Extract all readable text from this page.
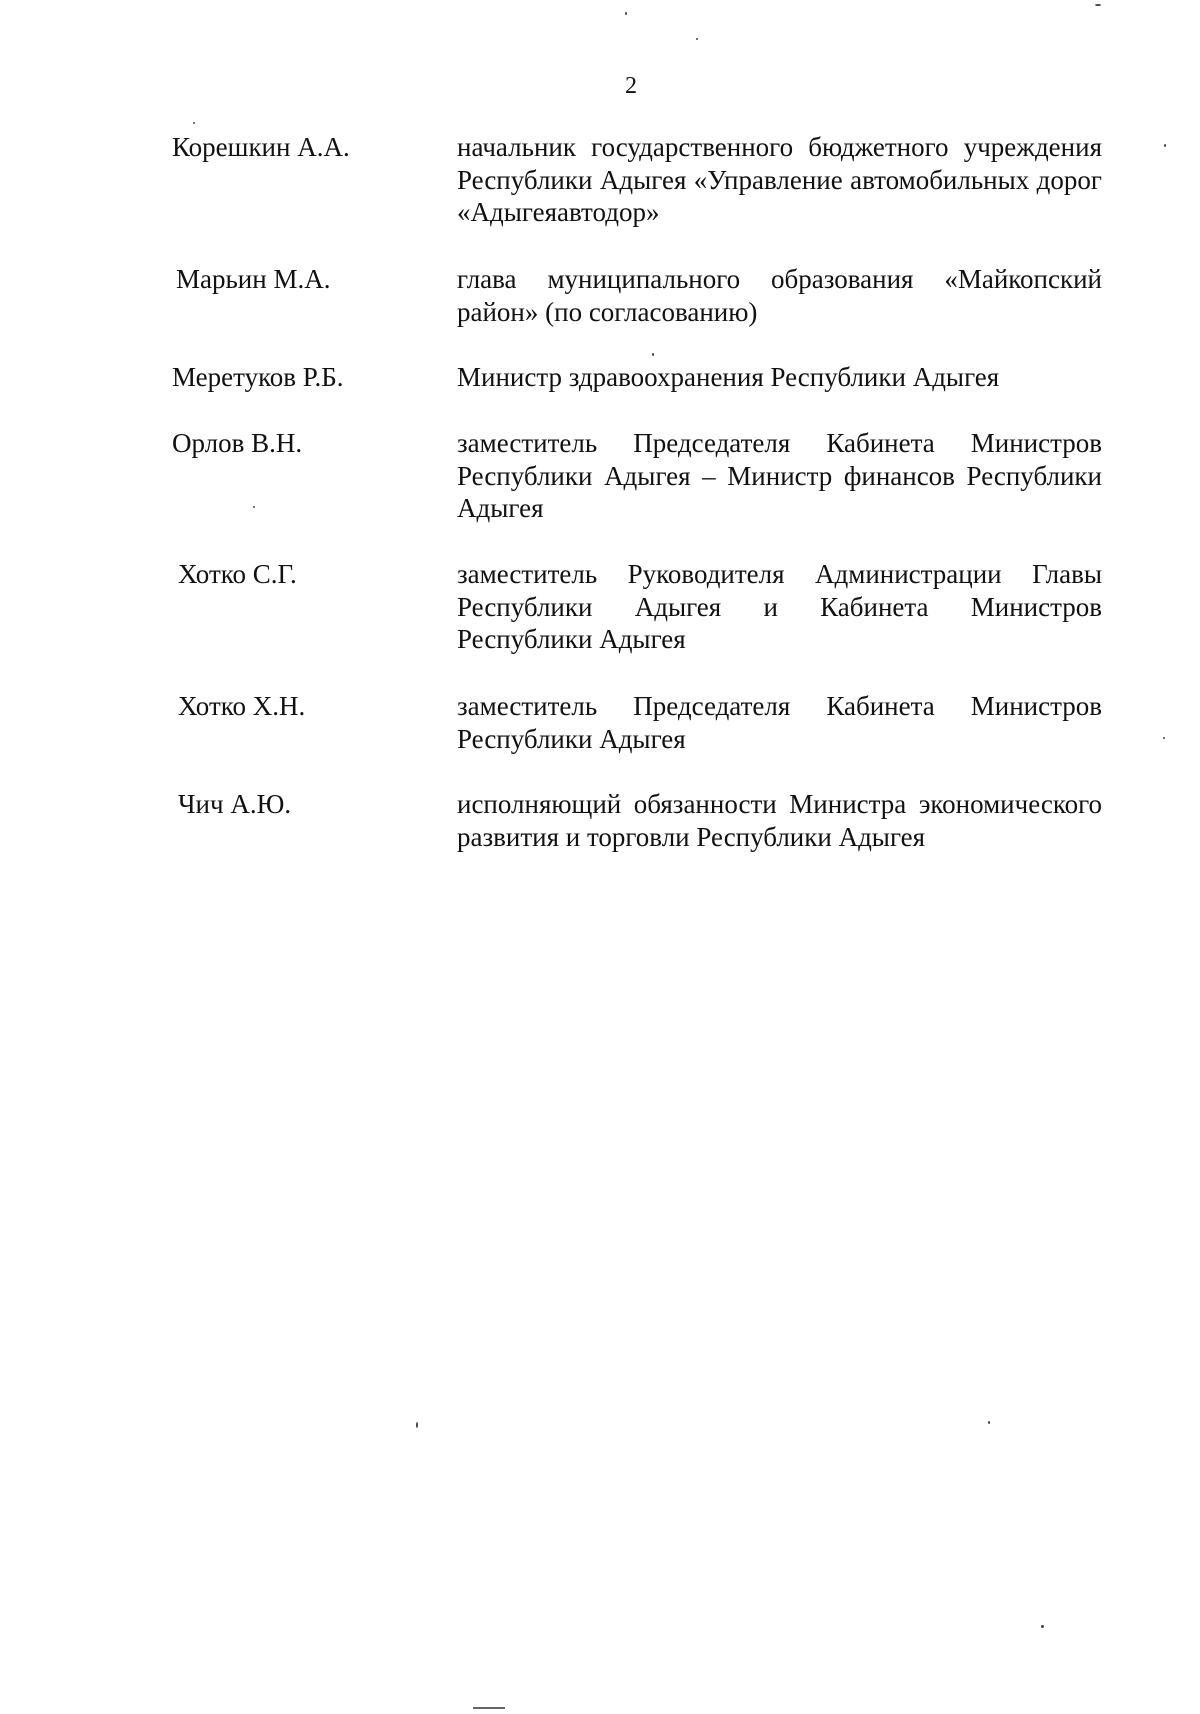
2
Корешкин А.А.	начальник государственного бюджетного учреждения Республики Адыгея «Управление автомобильных дорог «Адыгеяавтодор»
Марьин М.А.	глава муниципального образования «Майкопский район» (по согласованию)
Меретуков Р.Б.	Министр здравоохранения Республики Адыгея
Орлов В.Н.	заместитель Председателя Кабинета Министров Республики Адыгея – Министр финансов Республики Адыгея
Хотко С.Г.	заместитель Руководителя Администрации Главы Республики Адыгея и Кабинета Министров Республики Адыгея
Хотко Х.Н.	заместитель Председателя Кабинета Министров Республики Адыгея
Чич А.Ю.	исполняющий обязанности Министра экономического развития и торговли Республики Адыгея
